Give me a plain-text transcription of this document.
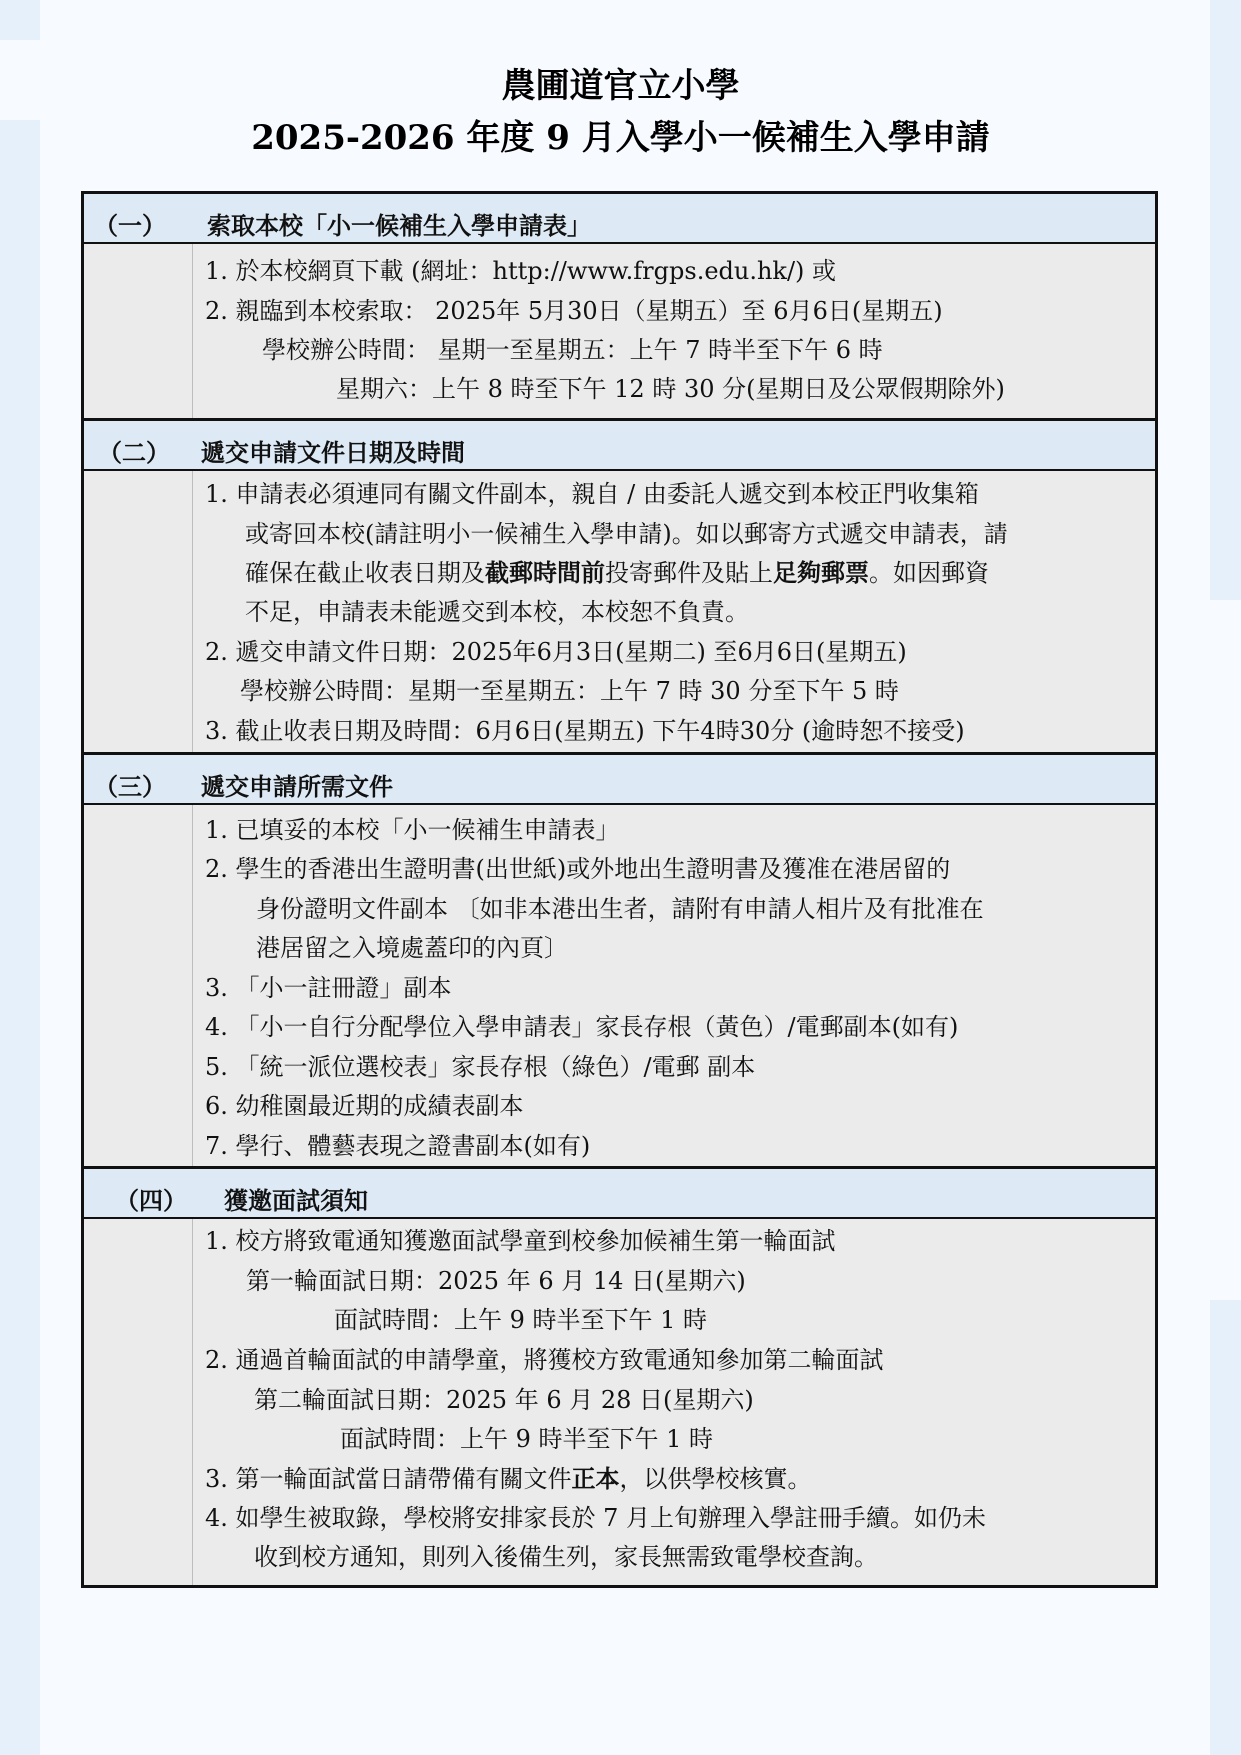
農圃道官立小學
2025-2026 年度 9 月入學小一候補生入學申請
（一） 索取本校「小一候補生入學申請表」
1. 於本校網頁下載 (網址：http://www.frgps.edu.hk/) 或
2. 親臨到本校索取： 2025年 5月30日（星期五）至 6月6日(星期五)
學校辦公時間： 星期一至星期五：上午 7 時半至下午 6 時
星期六：上午 8 時至下午 12 時 30 分(星期日及公眾假期除外)
（二） 遞交申請文件日期及時間
1. 申請表必須連同有關文件副本，親自 / 由委託人遞交到本校正門收集箱
或寄回本校(請註明小一候補生入學申請)。如以郵寄方式遞交申請表，請
確保在截止收表日期及截郵時間前投寄郵件及貼上足夠郵票。如因郵資
不足，申請表未能遞交到本校，本校恕不負責。
2. 遞交申請文件日期：2025年6月3日(星期二) 至6月6日(星期五)
學校辦公時間：星期一至星期五：上午 7 時 30 分至下午 5 時
3. 截止收表日期及時間：6月6日(星期五) 下午4時30分 (逾時恕不接受)
（三） 遞交申請所需文件
1. 已填妥的本校「小一候補生申請表」
2. 學生的香港出生證明書(出世紙)或外地出生證明書及獲准在港居留的
身份證明文件副本 〔如非本港出生者，請附有申請人相片及有批准在
港居留之入境處蓋印的內頁〕
3. 「小一註冊證」副本
4. 「小一自行分配學位入學申請表」家長存根（黃色）/電郵副本(如有)
5. 「統一派位選校表」家長存根（綠色）/電郵 副本
6. 幼稚園最近期的成績表副本
7. 學行、體藝表現之證書副本(如有)
（四） 獲邀面試須知
1. 校方將致電通知獲邀面試學童到校參加候補生第一輪面試
第一輪面試日期：2025 年 6 月 14 日(星期六)
面試時間：上午 9 時半至下午 1 時
2. 通過首輪面試的申請學童，將獲校方致電通知參加第二輪面試
第二輪面試日期：2025 年 6 月 28 日(星期六)
面試時間：上午 9 時半至下午 1 時
3. 第一輪面試當日請帶備有關文件正本，以供學校核實。
4. 如學生被取錄，學校將安排家長於 7 月上旬辦理入學註冊手續。如仍未
收到校方通知，則列入後備生列，家長無需致電學校查詢。
